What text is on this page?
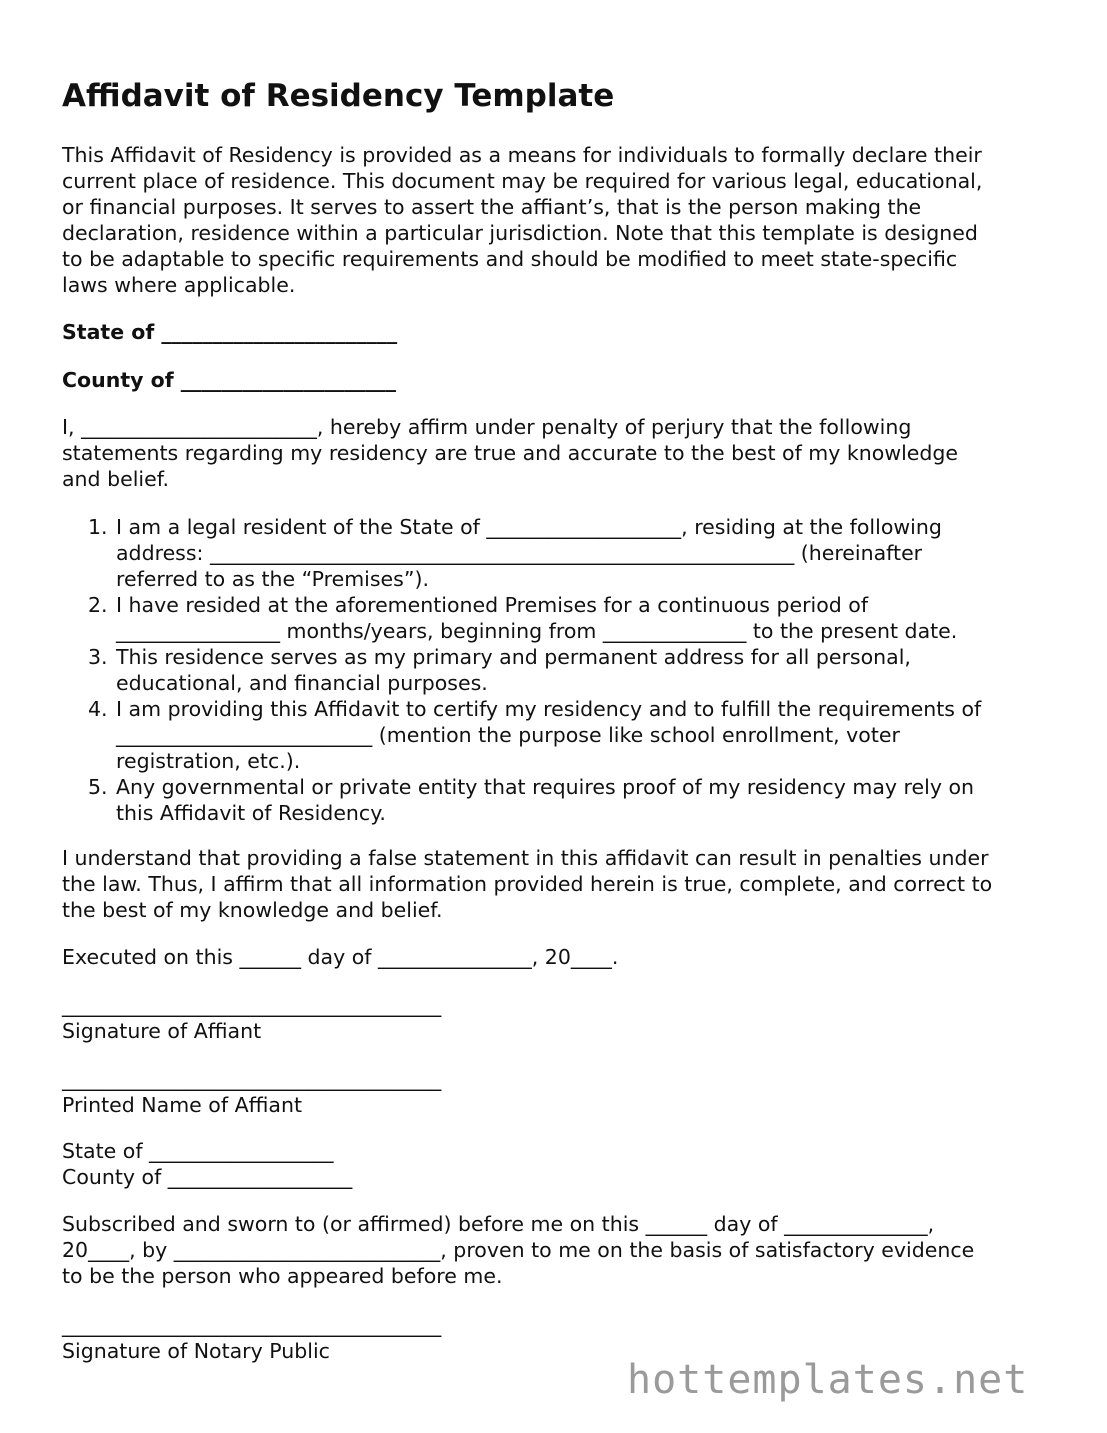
Affidavit of Residency Template
This Affidavit of Residency is provided as a means for individuals to formally declare their
current place of residence. This document may be required for various legal, educational,
or financial purposes. It serves to assert the affiant’s, that is the person making the
declaration, residence within a particular jurisdiction. Note that this template is designed
to be adaptable to specific requirements and should be modified to meet state-specific
laws where applicable.
State of _______________________
County of _____________________
I, _______________________, hereby affirm under penalty of perjury that the following
statements regarding my residency are true and accurate to the best of my knowledge
and belief.
1. I am a legal resident of the State of ___________________, residing at the following
address: _________________________________________________________ (hereinafter
referred to as the “Premises”).
2. I have resided at the aforementioned Premises for a continuous period of
________________ months/years, beginning from ______________ to the present date.
3. This residence serves as my primary and permanent address for all personal,
educational, and financial purposes.
4. I am providing this Affidavit to certify my residency and to fulfill the requirements of
_________________________ (mention the purpose like school enrollment, voter
registration, etc.).
5. Any governmental or private entity that requires proof of my residency may rely on
this Affidavit of Residency.
I understand that providing a false statement in this affidavit can result in penalties under
the law. Thus, I affirm that all information provided herein is true, complete, and correct to
the best of my knowledge and belief.
Executed on this ______ day of _______________, 20____.
_____________________________________
Signature of Affiant
_____________________________________
Printed Name of Affiant
State of __________________
County of __________________
Subscribed and sworn to (or affirmed) before me on this ______ day of ______________,
20____, by __________________________, proven to me on the basis of satisfactory evidence
to be the person who appeared before me.
_____________________________________
Signature of Notary Public
hottemplates.net
